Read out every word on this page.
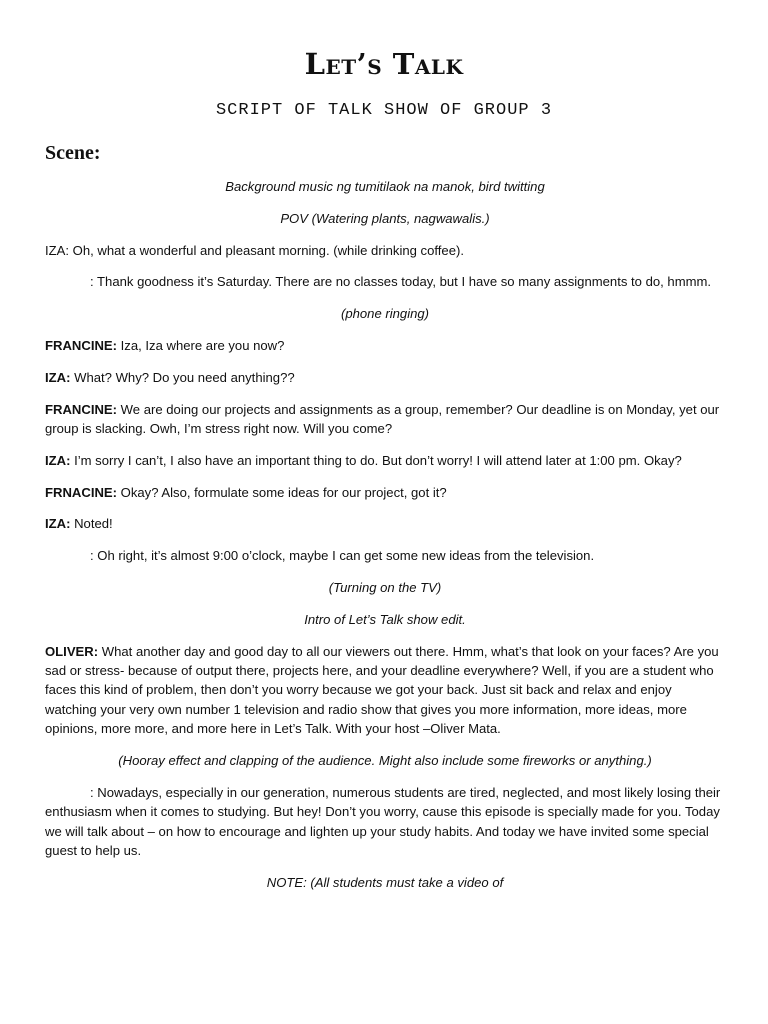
Let’s Talk
SCRIPT OF TALK SHOW OF GROUP 3
Scene:

Background music ng tumitilaok na manok, bird twitting

POV (Watering plants, nagwawalis.)

IZA: Oh, what a wonderful and pleasant morning. (while drinking coffee).

: Thank goodness it’s Saturday. There are no classes today, but I have so many assignments to do, hmmm.

(phone ringing)

FRANCINE: Iza, Iza where are you now?

IZA: What? Why? Do you need anything??

FRANCINE: We are doing our projects and assignments as a group, remember? Our deadline is on Monday, yet our group is slacking. Owh, I’m stress right now. Will you come?

IZA: I’m sorry I can’t, I also have an important thing to do. But don’t worry! I will attend later at 1:00 pm. Okay?

FRNACINE: Okay? Also, formulate some ideas for our project, got it?

IZA: Noted!

: Oh right, it’s almost 9:00 o’clock, maybe I can get some new ideas from the television.

(Turning on the TV)

Intro of Let’s Talk show edit.

OLIVER: What another day and good day to all our viewers out there. Hmm, what’s that look on your faces? Are you sad or stress- because of output there, projects here, and your deadline everywhere? Well, if you are a student who faces this kind of problem, then don’t you worry because we got your back. Just sit back and relax and enjoy watching your very own number 1 television and radio show that gives you more information, more ideas, more opinions, more more, and more here in Let’s Talk. With your host –Oliver Mata.

(Hooray effect and clapping of the audience. Might also include some fireworks or anything.)

: Nowadays, especially in our generation, numerous students are tired, neglected, and most likely losing their enthusiasm when it comes to studying. But hey! Don’t you worry, cause this episode is specially made for you. Today we will talk about – on how to encourage and lighten up your study habits. And today we have invited some special guest to help us.

NOTE: (All students must take a video of
